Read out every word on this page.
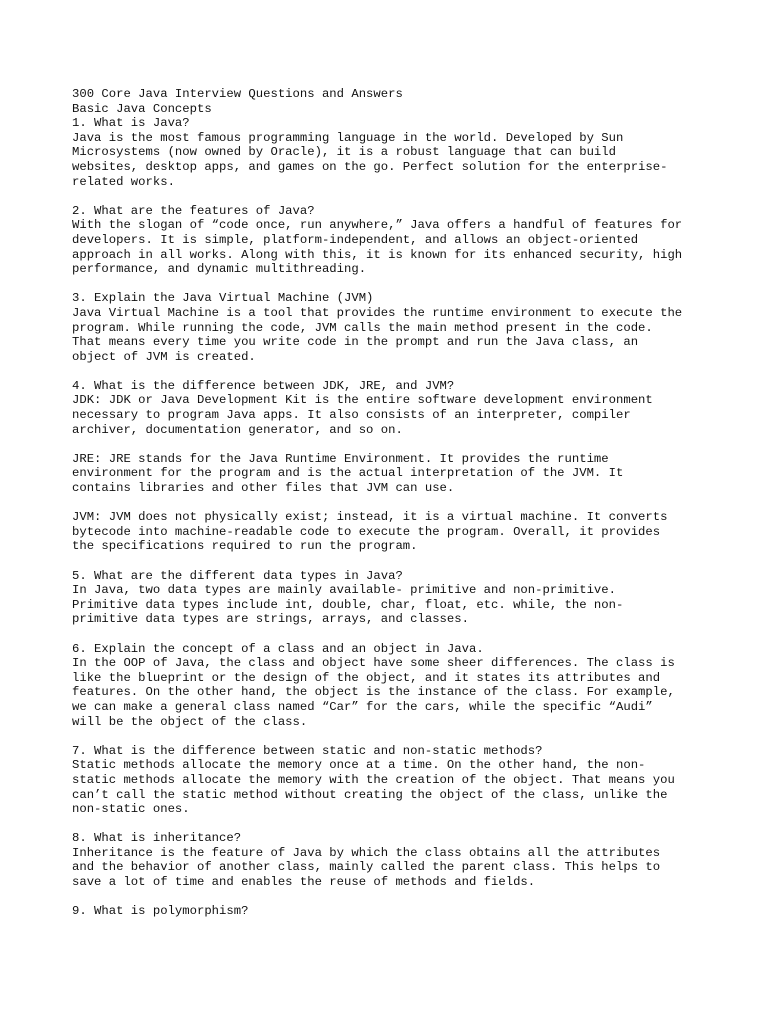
300 Core Java Interview Questions and Answers
Basic Java Concepts
1. What is Java?
Java is the most famous programming language in the world. Developed by Sun
Microsystems (now owned by Oracle), it is a robust language that can build
websites, desktop apps, and games on the go. Perfect solution for the enterprise-
related works.
2. What are the features of Java?
With the slogan of “code once, run anywhere,” Java offers a handful of features for
developers. It is simple, platform-independent, and allows an object-oriented
approach in all works. Along with this, it is known for its enhanced security, high
performance, and dynamic multithreading.
3. Explain the Java Virtual Machine (JVM)
Java Virtual Machine is a tool that provides the runtime environment to execute the
program. While running the code, JVM calls the main method present in the code.
That means every time you write code in the prompt and run the Java class, an
object of JVM is created.
4. What is the difference between JDK, JRE, and JVM?
JDK: JDK or Java Development Kit is the entire software development environment
necessary to program Java apps. It also consists of an interpreter, compiler
archiver, documentation generator, and so on.
JRE: JRE stands for the Java Runtime Environment. It provides the runtime
environment for the program and is the actual interpretation of the JVM. It
contains libraries and other files that JVM can use.
JVM: JVM does not physically exist; instead, it is a virtual machine. It converts
bytecode into machine-readable code to execute the program. Overall, it provides
the specifications required to run the program.
5. What are the different data types in Java?
In Java, two data types are mainly available- primitive and non-primitive.
Primitive data types include int, double, char, float, etc. while, the non-
primitive data types are strings, arrays, and classes.
6. Explain the concept of a class and an object in Java.
In the OOP of Java, the class and object have some sheer differences. The class is
like the blueprint or the design of the object, and it states its attributes and
features. On the other hand, the object is the instance of the class. For example,
we can make a general class named “Car” for the cars, while the specific “Audi”
will be the object of the class.
7. What is the difference between static and non-static methods?
Static methods allocate the memory once at a time. On the other hand, the non-
static methods allocate the memory with the creation of the object. That means you
can’t call the static method without creating the object of the class, unlike the
non-static ones.
8. What is inheritance?
Inheritance is the feature of Java by which the class obtains all the attributes
and the behavior of another class, mainly called the parent class. This helps to
save a lot of time and enables the reuse of methods and fields.
9. What is polymorphism?
